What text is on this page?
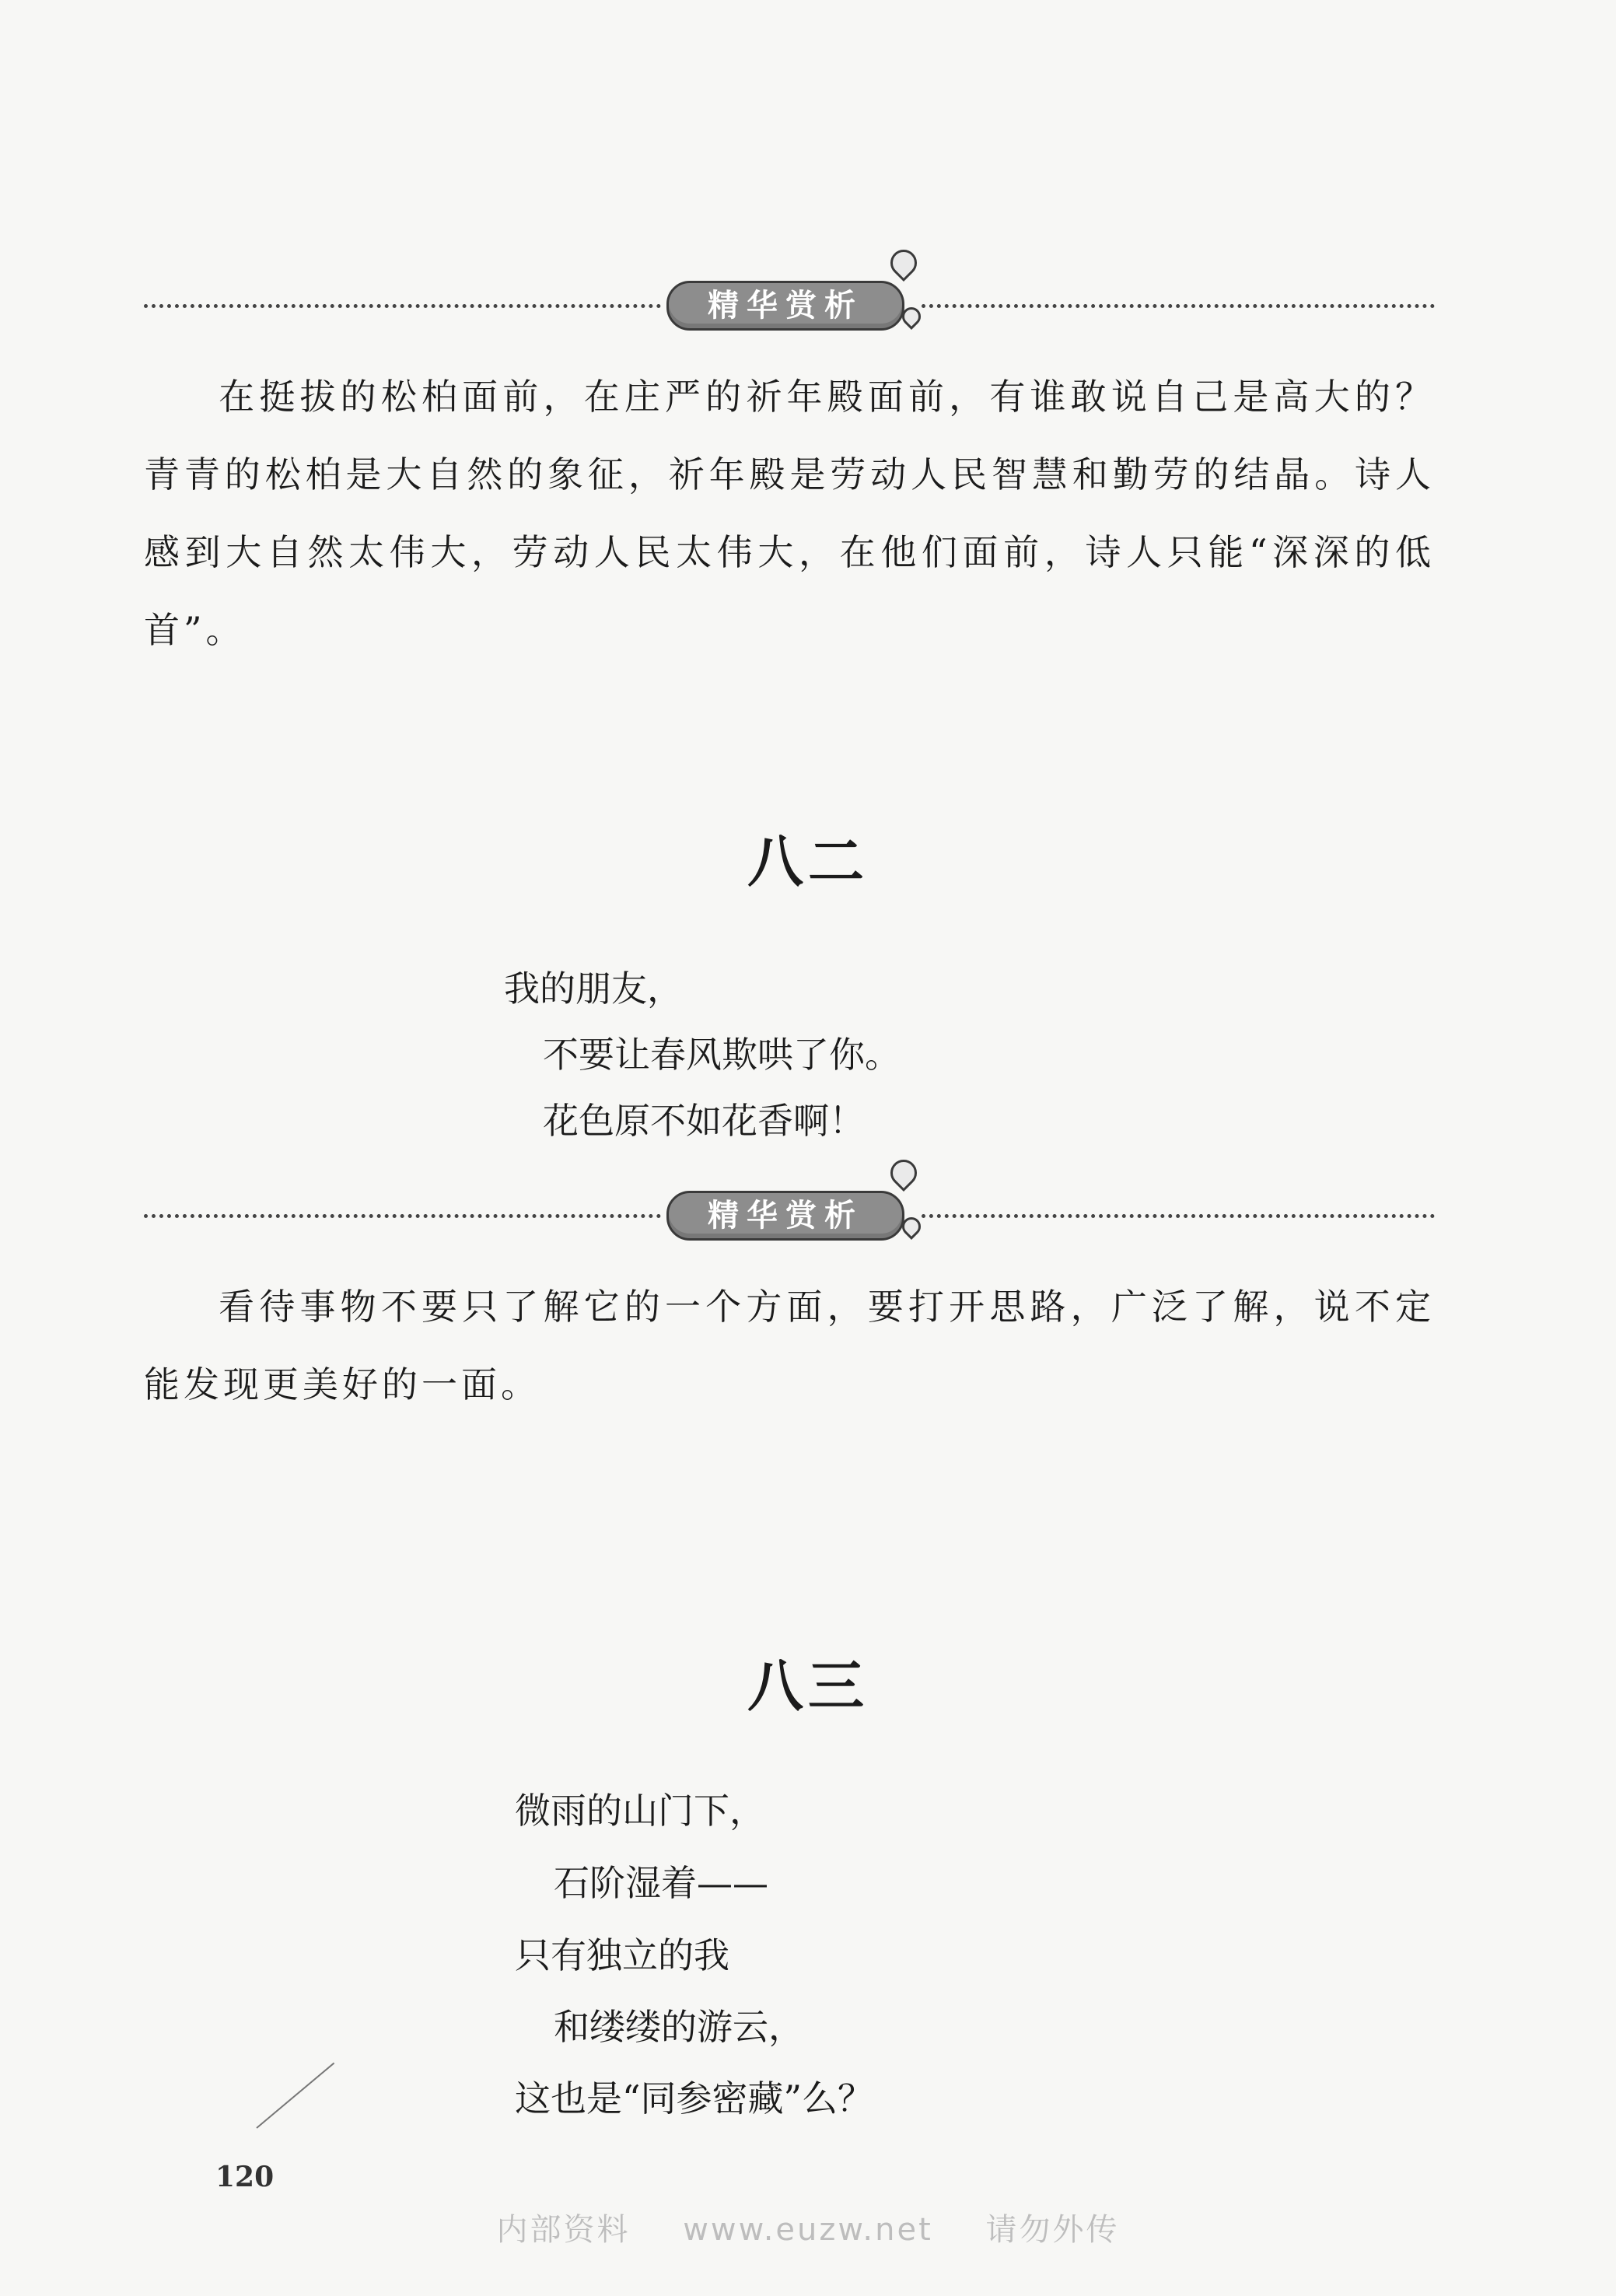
精华赏析

在挺拔的松柏面前，在庄严的祈年殿面前，有谁敢说自己是高大的？青青的松柏是大自然的象征，祈年殿是劳动人民智慧和勤劳的结晶。诗人感到大自然太伟大，劳动人民太伟大，在他们面前，诗人只能“深深的低首”。

八二
我的朋友，
不要让春风欺哄了你。
花色原不如花香啊！
精华赏析

看待事物不要只了解它的一个方面，要打开思路，广泛了解，说不定能发现更美好的一面。

八三
微雨的山门下，
石阶湿着——
只有独立的我
和缕缕的游云，
这也是“同参密藏”么？
120
内部资料 www.euzw.net 请勿外传
